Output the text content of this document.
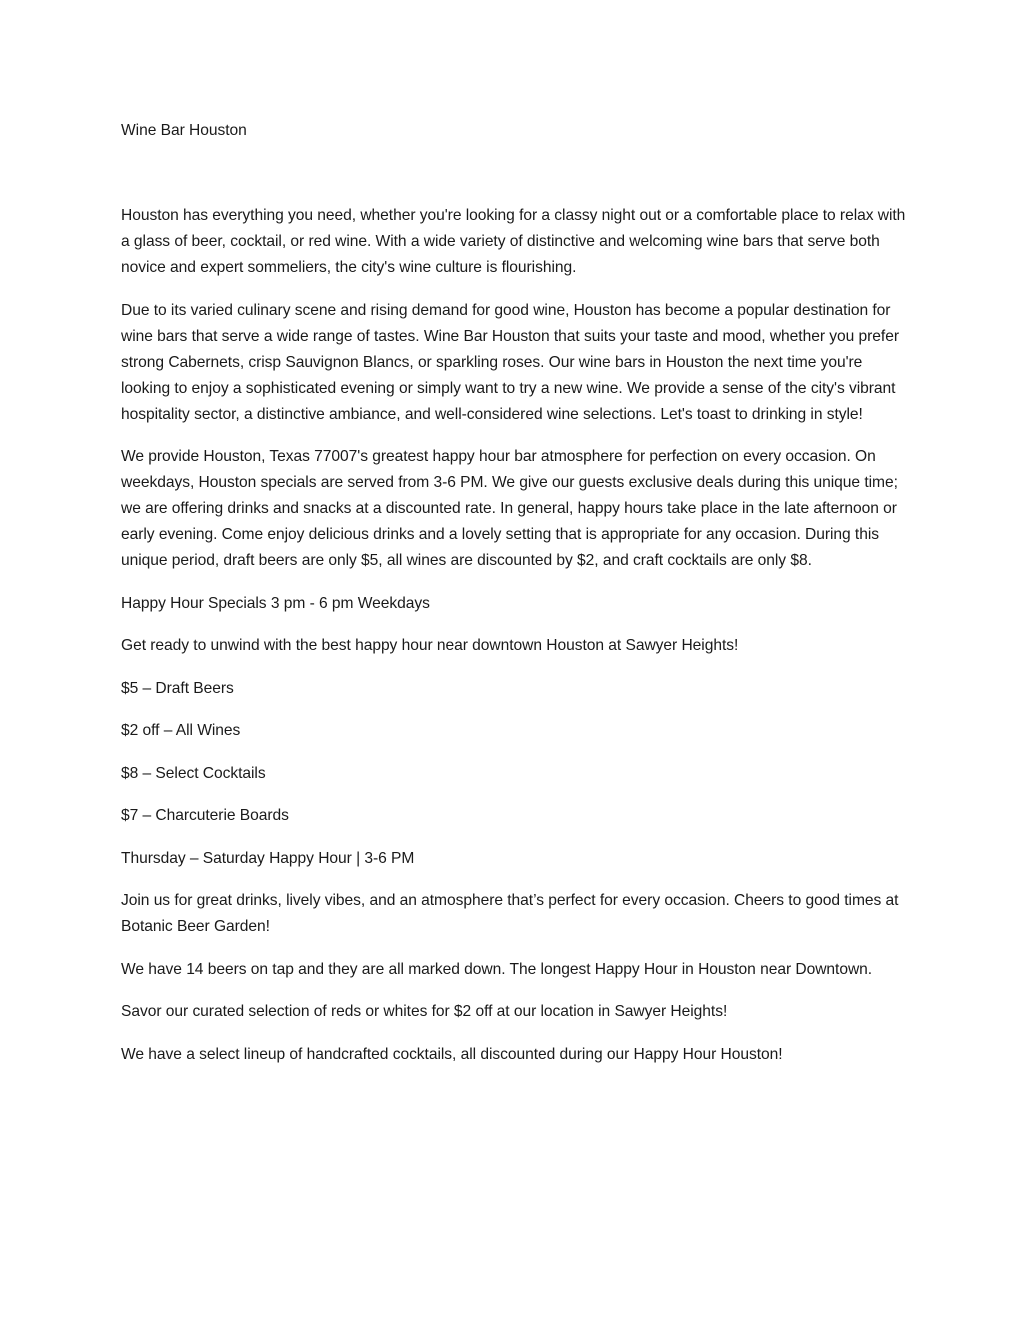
Wine Bar Houston

Houston has everything you need, whether you're looking for a classy night out or a comfortable place to relax with a glass of beer, cocktail, or red wine. With a wide variety of distinctive and welcoming wine bars that serve both novice and expert sommeliers, the city's wine culture is flourishing.

Due to its varied culinary scene and rising demand for good wine, Houston has become a popular destination for wine bars that serve a wide range of tastes. Wine Bar Houston that suits your taste and mood, whether you prefer strong Cabernets, crisp Sauvignon Blancs, or sparkling roses. Our wine bars in Houston the next time you're looking to enjoy a sophisticated evening or simply want to try a new wine. We provide a sense of the city's vibrant hospitality sector, a distinctive ambiance, and well-considered wine selections. Let's toast to drinking in style!

We provide Houston, Texas 77007's greatest happy hour bar atmosphere for perfection on every occasion. On weekdays, Houston specials are served from 3-6 PM. We give our guests exclusive deals during this unique time; we are offering drinks and snacks at a discounted rate. In general, happy hours take place in the late afternoon or early evening. Come enjoy delicious drinks and a lovely setting that is appropriate for any occasion. During this unique period, draft beers are only $5, all wines are discounted by $2, and craft cocktails are only $8.

Happy Hour Specials 3 pm - 6 pm Weekdays

Get ready to unwind with the best happy hour near downtown Houston at Sawyer Heights!

$5 – Draft Beers

$2 off – All Wines

$8 – Select Cocktails

$7 – Charcuterie Boards

Thursday – Saturday Happy Hour | 3-6 PM

Join us for great drinks, lively vibes, and an atmosphere that’s perfect for every occasion. Cheers to good times at Botanic Beer Garden!

We have 14 beers on tap and they are all marked down. The longest Happy Hour in Houston near Downtown.

Savor our curated selection of reds or whites for $2 off at our location in Sawyer Heights!

We have a select lineup of handcrafted cocktails, all discounted during our Happy Hour Houston!
